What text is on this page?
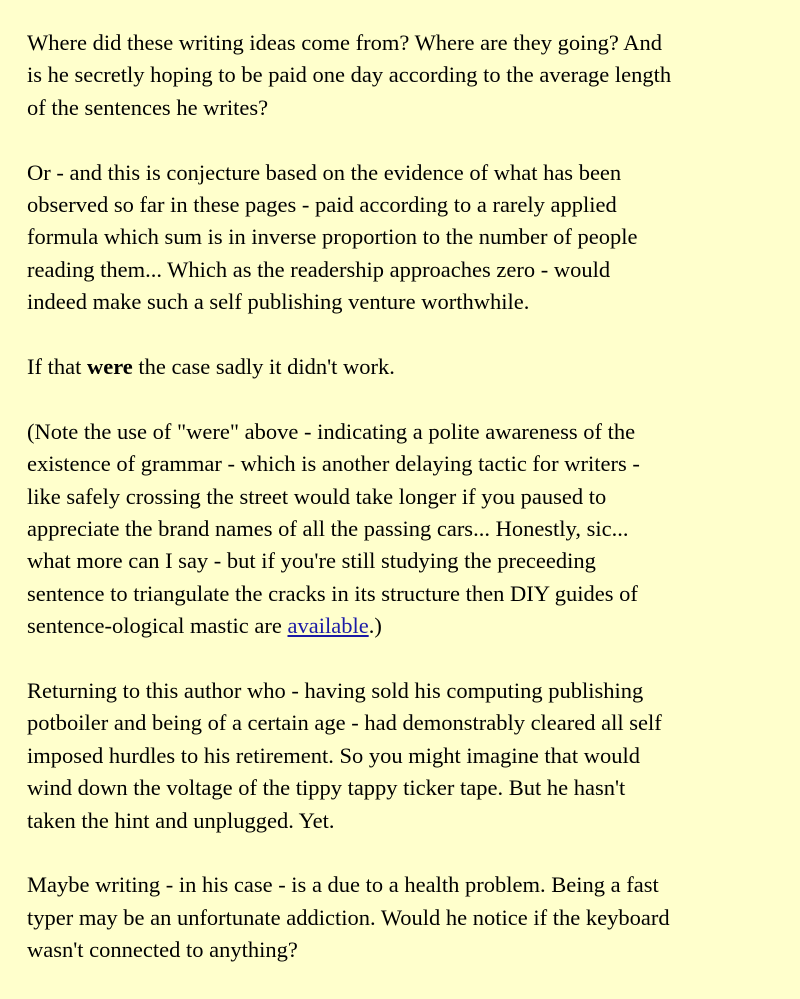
Where did these writing ideas come from? Where are they going? And
is he secretly hoping to be paid one day according to the average length
of the sentences he writes?

Or - and this is conjecture based on the evidence of what has been
observed so far in these pages - paid according to a rarely applied
formula which sum is in inverse proportion to the number of people
reading them... Which as the readership approaches zero - would
indeed make such a self publishing venture worthwhile.

If that were the case sadly it didn't work.

(Note the use of "were" above - indicating a polite awareness of the
existence of grammar - which is another delaying tactic for writers -
like safely crossing the street would take longer if you paused to
appreciate the brand names of all the passing cars... Honestly, sic...
what more can I say - but if you're still studying the preceeding
sentence to triangulate the cracks in its structure then DIY guides of
sentence-ological mastic are available.)

Returning to this author who - having sold his computing publishing
potboiler and being of a certain age - had demonstrably cleared all self
imposed hurdles to his retirement. So you might imagine that would
wind down the voltage of the tippy tappy ticker tape. But he hasn't
taken the hint and unplugged. Yet.

Maybe writing - in his case - is a due to a health problem. Being a fast
typer may be an unfortunate addiction. Would he notice if the keyboard
wasn't connected to anything?
